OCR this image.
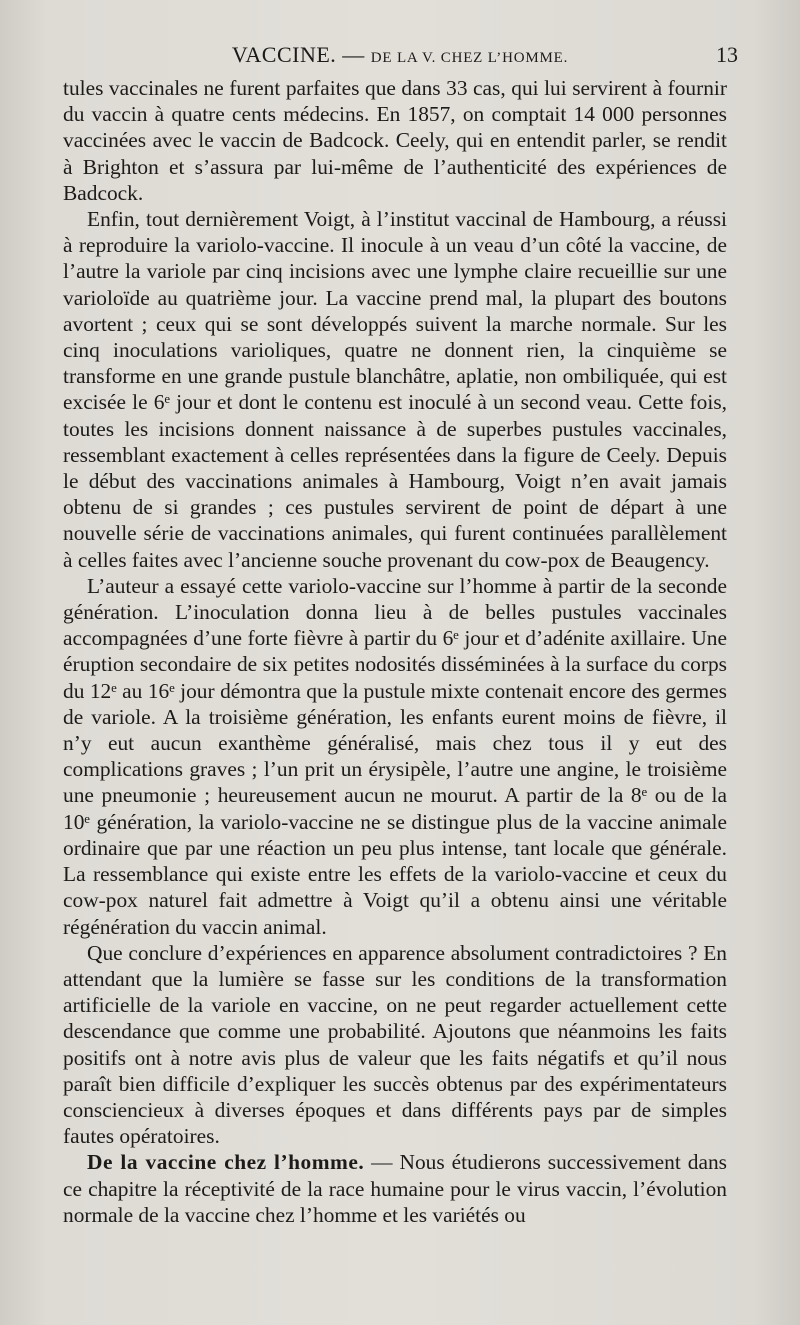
VACCINE. — DE LA V. CHEZ L’HOMME.	13

tules vaccinales ne furent parfaites que dans 33 cas, qui lui servirent à fournir du vaccin à quatre cents médecins. En 1857, on comptait 14 000 personnes vaccinées avec le vaccin de Badcock. Ceely, qui en entendit parler, se rendit à Brighton et s’assura par lui-même de l’authenticité des expériences de Badcock.

Enfin, tout dernièrement Voigt, à l’institut vaccinal de Hambourg, a réussi à reproduire la variolo-vaccine. Il inocule à un veau d’un côté la vaccine, de l’autre la variole par cinq incisions avec une lymphe claire recueillie sur une varioloïde au quatrième jour. La vaccine prend mal, la plupart des boutons avortent ; ceux qui se sont développés suivent la marche normale. Sur les cinq inoculations varioliques, quatre ne donnent rien, la cinquième se transforme en une grande pustule blanchâtre, aplatie, non ombiliquée, qui est excisée le 6ᵉ jour et dont le contenu est inoculé à un second veau. Cette fois, toutes les incisions donnent naissance à de superbes pustules vaccinales, ressemblant exactement à celles représentées dans la figure de Ceely. Depuis le début des vaccinations animales à Hambourg, Voigt n’en avait jamais obtenu de si grandes ; ces pustules servirent de point de départ à une nouvelle série de vaccinations animales, qui furent continuées parallèlement à celles faites avec l’ancienne souche provenant du cow-pox de Beaugency.

L’auteur a essayé cette variolo-vaccine sur l’homme à partir de la seconde génération. L’inoculation donna lieu à de belles pustules vaccinales accompagnées d’une forte fièvre à partir du 6ᵉ jour et d’adénite axillaire. Une éruption secondaire de six petites nodosités disséminées à la surface du corps du 12ᵉ au 16ᵉ jour démontra que la pustule mixte contenait encore des germes de variole. A la troisième génération, les enfants eurent moins de fièvre, il n’y eut aucun exanthème généralisé, mais chez tous il y eut des complications graves ; l’un prit un érysipèle, l’autre une angine, le troisième une pneumonie ; heureusement aucun ne mourut. A partir de la 8ᵉ ou de la 10ᵉ génération, la variolo-vaccine ne se distingue plus de la vaccine animale ordinaire que par une réaction un peu plus intense, tant locale que générale. La ressemblance qui existe entre les effets de la variolo-vaccine et ceux du cow-pox naturel fait admettre à Voigt qu’il a obtenu ainsi une véritable régénération du vaccin animal.

Que conclure d’expériences en apparence absolument contradictoires ? En attendant que la lumière se fasse sur les conditions de la transformation artificielle de la variole en vaccine, on ne peut regarder actuellement cette descendance que comme une probabilité. Ajoutons que néanmoins les faits positifs ont à notre avis plus de valeur que les faits négatifs et qu’il nous paraît bien difficile d’expliquer les succès obtenus par des expérimentateurs consciencieux à diverses époques et dans différents pays par de simples fautes opératoires.

De la vaccine chez l’homme. — Nous étudierons successivement dans ce chapitre la réceptivité de la race humaine pour le virus vaccin, l’évolution normale de la vaccine chez l’homme et les variétés ou
